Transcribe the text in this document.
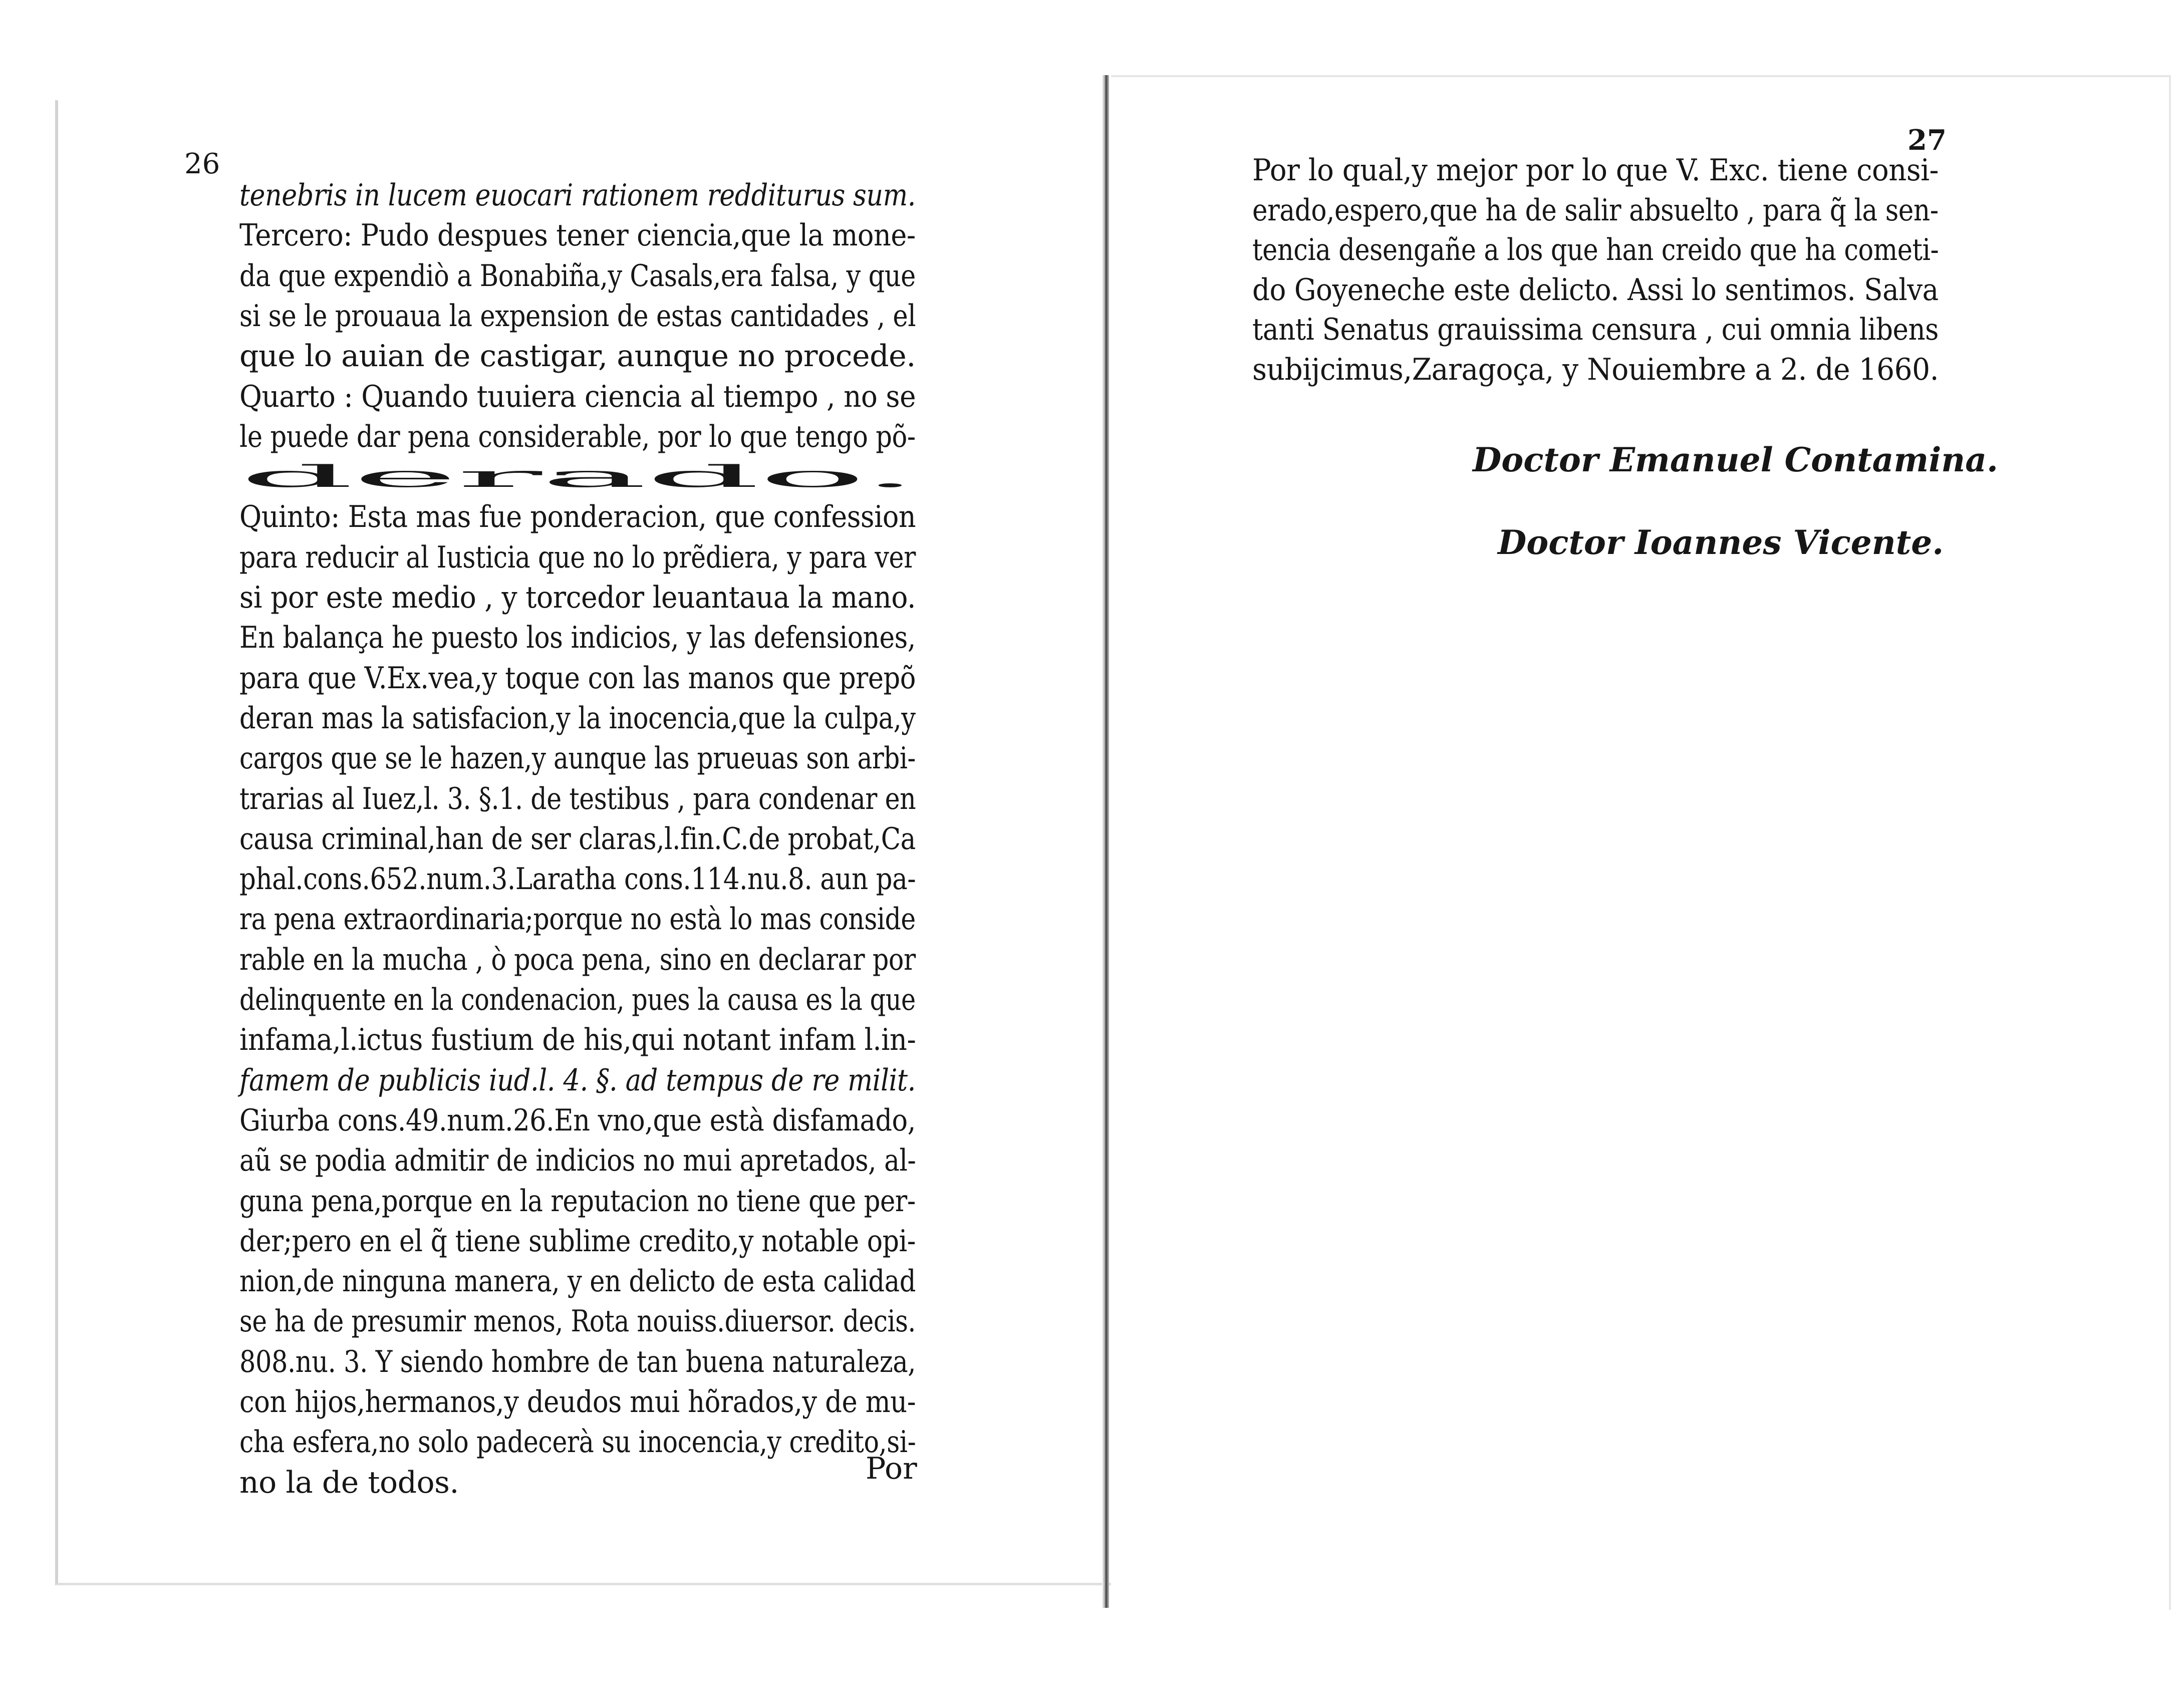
26
27
tenebris in lucem euocari rationem redditurus sum.
Tercero: Pudo despues tener ciencia,que la mone-
da que expendiò a Bonabiña,y Casals,era falsa, y que
si se le prouaua la expension de estas cantidades , el
que lo auian de castigar, aunque no procede.
Quarto : Quando tuuiera ciencia al tiempo , no se
le puede dar pena considerable, por lo que tengo põ-
derado.
Quinto: Esta mas fue ponderacion, que confession
para reducir al Iusticia que no lo prẽdiera, y para ver
si por este medio , y torcedor leuantaua la mano.
En balança he puesto los indicios, y las defensiones,
para que V.Ex.vea,y toque con las manos que prepõ
deran mas la satisfacion,y la inocencia,que la culpa,y
cargos que se le hazen,y aunque las prueuas son arbi-
trarias al Iuez,l. 3. §.1. de testibus , para condenar en
causa criminal,han de ser claras,l.fin.C.de probat,Ca
phal.cons.652.num.3.Laratha cons.114.nu.8. aun pa-
ra pena extraordinaria;porque no està lo mas conside
rable en la mucha , ò poca pena, sino en declarar por
delinquente en la condenacion, pues la causa es la que
infama,l.ictus fustium de his,qui notant infam l.in-
famem de publicis iud.l. 4. §. ad tempus de re milit.
Giurba cons.49.num.26.En vno,que està disfamado,
aũ se podia admitir de indicios no mui apretados, al-
guna pena,porque en la reputacion no tiene que per-
der;pero en el q̃ tiene sublime credito,y notable opi-
nion,de ninguna manera, y en delicto de esta calidad
se ha de presumir menos, Rota nouiss.diuersor. decis.
808.nu. 3. Y siendo hombre de tan buena naturaleza,
con hijos,hermanos,y deudos mui hõrados,y de mu-
cha esfera,no solo padecerà su inocencia,y credito,si-
no la de todos.	Por
Por lo qual,y mejor por lo que V. Exc. tiene consi-
erado,espero,que ha de salir absuelto , para q̃ la sen-
tencia desengañe a los que han creido que ha cometi-
do Goyeneche este delicto. Assi lo sentimos. Salva
tanti Senatus grauissima censura , cui omnia libens
subijcimus,Zaragoça, y Nouiembre a 2. de 1660.
Doctor Emanuel Contamina.
Doctor Ioannes Vicente.
